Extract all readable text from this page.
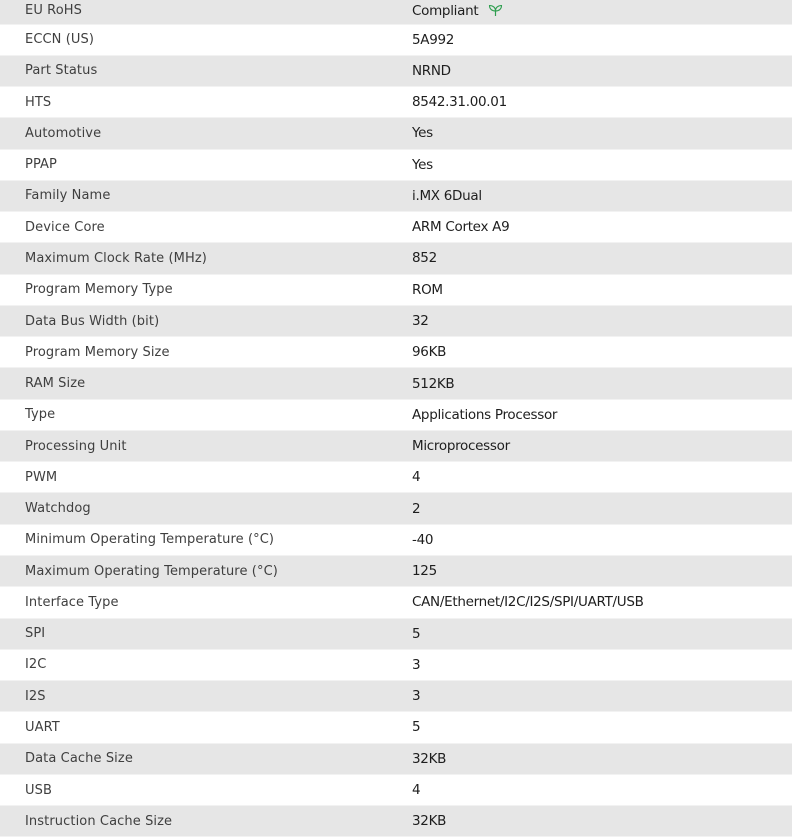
EU RoHS	Compliant
ECCN (US)	5A992
Part Status	NRND
HTS	8542.31.00.01
Automotive	Yes
PPAP	Yes
Family Name	i.MX 6Dual
Device Core	ARM Cortex A9
Maximum Clock Rate (MHz)	852
Program Memory Type	ROM
Data Bus Width (bit)	32
Program Memory Size	96KB
RAM Size	512KB
Type	Applications Processor
Processing Unit	Microprocessor
PWM	4
Watchdog	2
Minimum Operating Temperature (°C)	-40
Maximum Operating Temperature (°C)	125
Interface Type	CAN/Ethernet/I2C/I2S/SPI/UART/USB
SPI	5
I2C	3
I2S	3
UART	5
Data Cache Size	32KB
USB	4
Instruction Cache Size	32KB
